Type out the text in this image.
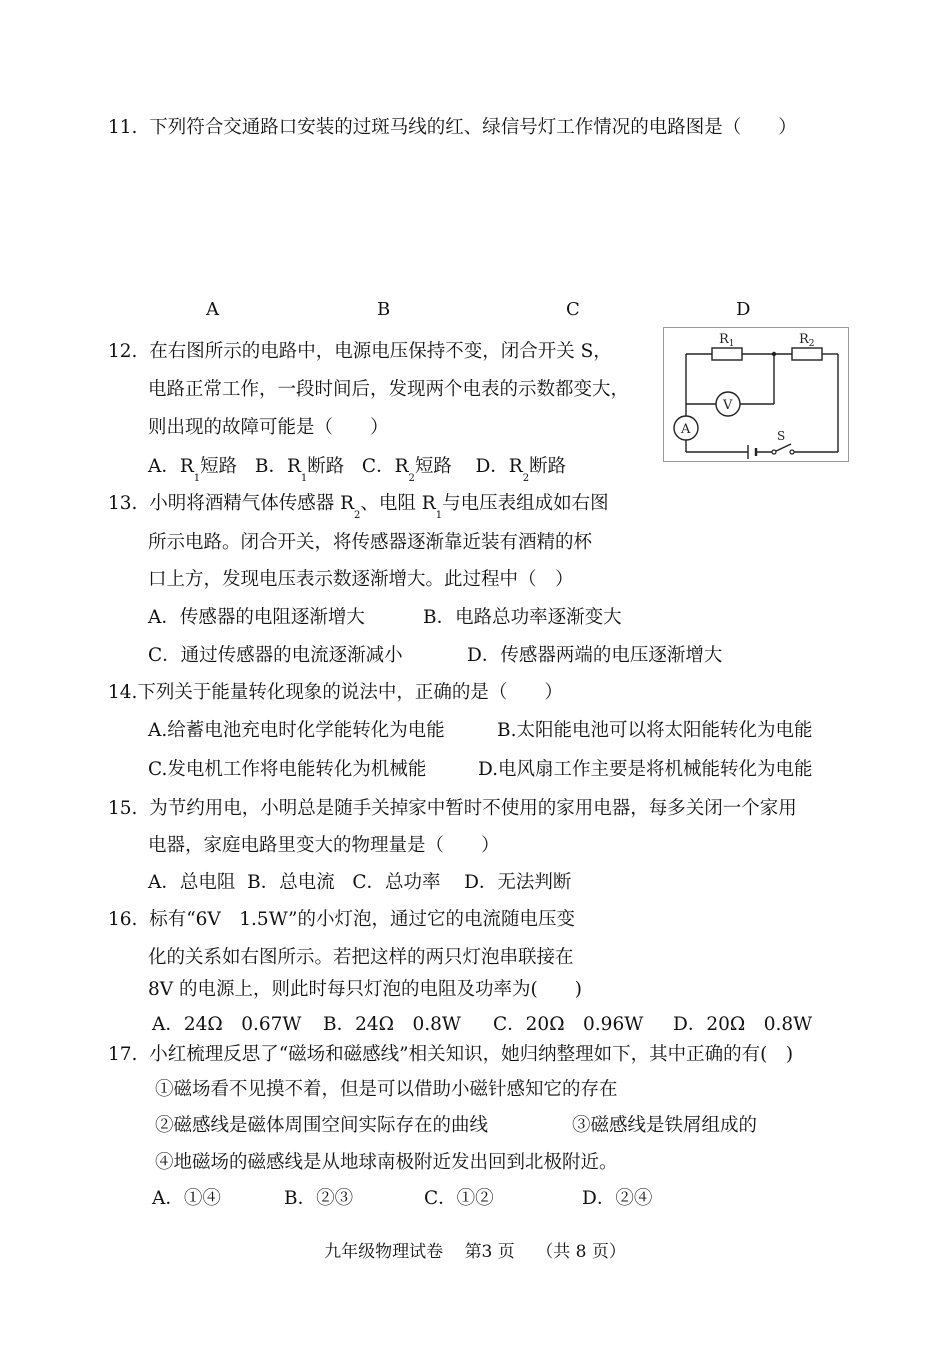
11. 下列符合交通路口安装的过斑马线的红、绿信号灯工作情况的电路图是（　　）
A	B	C	D
12. 在右图所示的电路中，电源电压保持不变，闭合开关 S，
电路正常工作，一段时间后，发现两个电表的示数都变大，
则出现的故障可能是（　　）
A．$R_1$短路 B．$R_1$断路 C．$R_2$短路 D．$R_2$断路
$R_1$	$R_2$
V
A	S
13. 小明将酒精气体传感器 $R_2$、电阻 $R_1$与电压表组成如右图
所示电路。闭合开关，将传感器逐渐靠近装有酒精的杯
口上方，发现电压表示数逐渐增大。此过程中（　）
A．传感器的电阻逐渐增大	B．电路总功率逐渐变大
C．通过传感器的电流逐渐减小	D．传感器两端的电压逐渐增大
14.下列关于能量转化现象的说法中，正确的是（　　）
A.给蓄电池充电时化学能转化为电能	B.太阳能电池可以将太阳能转化为电能
C.发电机工作将电能转化为机械能	D.电风扇工作主要是将机械能转化为电能
15. 为节约用电，小明总是随手关掉家中暂时不使用的家用电器，每多关闭一个家用
电器，家庭电路里变大的物理量是（　　）
A．总电阻 B．总电流 C．总功率 D．无法判断
16. 标有“6V　1.5W”的小灯泡，通过它的电流随电压变
化的关系如右图所示。若把这样的两只灯泡串联接在
8V 的电源上，则此时每只灯泡的电阻及功率为(　　)
A．24Ω　0.67W B．24Ω　0.8W C．20Ω　0.96W D．20Ω　0.8W
17. 小红梳理反思了“磁场和磁感线”相关知识，她归纳整理如下，其中正确的有(　)
①磁场看不见摸不着，但是可以借助小磁针感知它的存在
②磁感线是磁体周围空间实际存在的曲线	③磁感线是铁屑组成的
④地磁场的磁感线是从地球南极附近发出回到北极附近。
A．①④	B．②③	C．①②	D．②④
九年级物理试卷 第3 页 （共 8 页）
